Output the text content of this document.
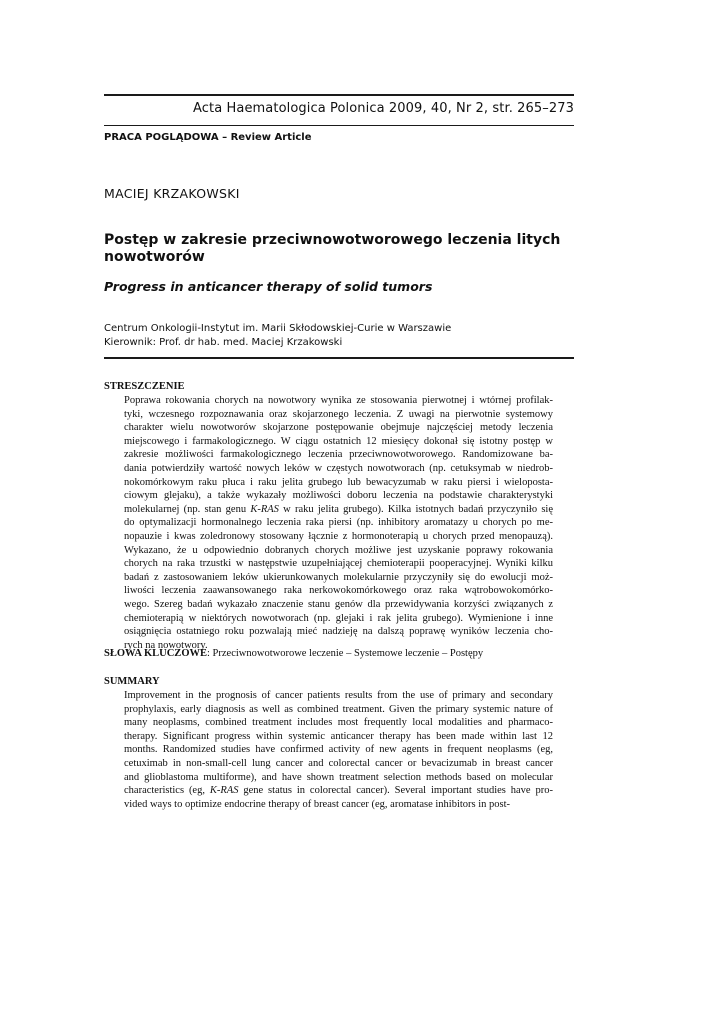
Acta Haematologica Polonica 2009, 40, Nr 2, str. 265–273
PRACA POGLĄDOWA – Review Article
MACIEJ KRZAKOWSKI
Postęp w zakresie przeciwnowotworowego leczenia litych nowotworów
Progress in anticancer therapy of solid tumors
Centrum Onkologii-Instytut im. Marii Skłodowskiej-Curie w Warszawie
Kierownik: Prof. dr hab. med. Maciej Krzakowski
STRESZCZENIE
Poprawa rokowania chorych na nowotwory wynika ze stosowania pierwotnej i wtórnej profilak-
tyki, wczesnego rozpoznawania oraz skojarzonego leczenia. Z uwagi na pierwotnie systemowy
charakter wielu nowotworów skojarzone postępowanie obejmuje najczęściej metody leczenia
miejscowego i farmakologicznego. W ciągu ostatnich 12 miesięcy dokonał się istotny postęp w
zakresie możliwości farmakologicznego leczenia przeciwnowotworowego. Randomizowane ba-
dania potwierdziły wartość nowych leków w częstych nowotworach (np. cetuksymab w niedrob-
nokomórkowym raku płuca i raku jelita grubego lub bewacyzumab w raku piersi i wielopostа-
ciowym glejaku), a także wykazały możliwości doboru leczenia na podstawie charakterystyki
molekularnej (np. stan genu K-RAS w raku jelita grubego). Kilka istotnych badań przyczyniło się
do optymalizacji hormonalnego leczenia raka piersi (np. inhibitory aromatazy u chorych po me-
nopauzie i kwas zoledronowy stosowany łącznie z hormonoterapią u chorych przed menopauzą).
Wykazano, że u odpowiednio dobranych chorych możliwe jest uzyskanie poprawy rokowania
chorych na raka trzustki w następstwie uzupełniającej chemioterapii pooperacyjnej. Wyniki kilku
badań z zastosowaniem leków ukierunkowanych molekularnie przyczyniły się do ewolucji moż-
liwości leczenia zaawansowanego raka nerkowokomórkowego oraz raka wątrobowokomórko-
wego. Szereg badań wykazało znaczenie stanu genów dla przewidywania korzyści związanych z
chemioterapią w niektórych nowotworach (np. glejaki i rak jelita grubego). Wymienione i inne
osiągnięcia ostatniego roku pozwalają mieć nadzieję na dalszą poprawę wyników leczenia cho-
rych na nowotwory.
SŁOWA KLUCZOWE: Przeciwnowotworowe leczenie – Systemowe leczenie – Postępy
SUMMARY
Improvement in the prognosis of cancer patients results from the use of primary and secondary
prophylaxis, early diagnosis as well as combined treatment. Given the primary systemic nature of
many neoplasms, combined treatment includes most frequently local modalities and pharmaco-
therapy. Significant progress within systemic anticancer therapy has been made within last 12
months. Randomized studies have confirmed activity of new agents in frequent neoplasms (eg,
cetuximab in non-small-cell lung cancer and colorectal cancer or bevacizumab in breast cancer
and glioblastoma multiforme), and have shown treatment selection methods based on molecular
characteristics (eg, K-RAS gene status in colorectal cancer). Several important studies have pro-
vided ways to optimize endocrine therapy of breast cancer (eg, aromatase inhibitors in post-
